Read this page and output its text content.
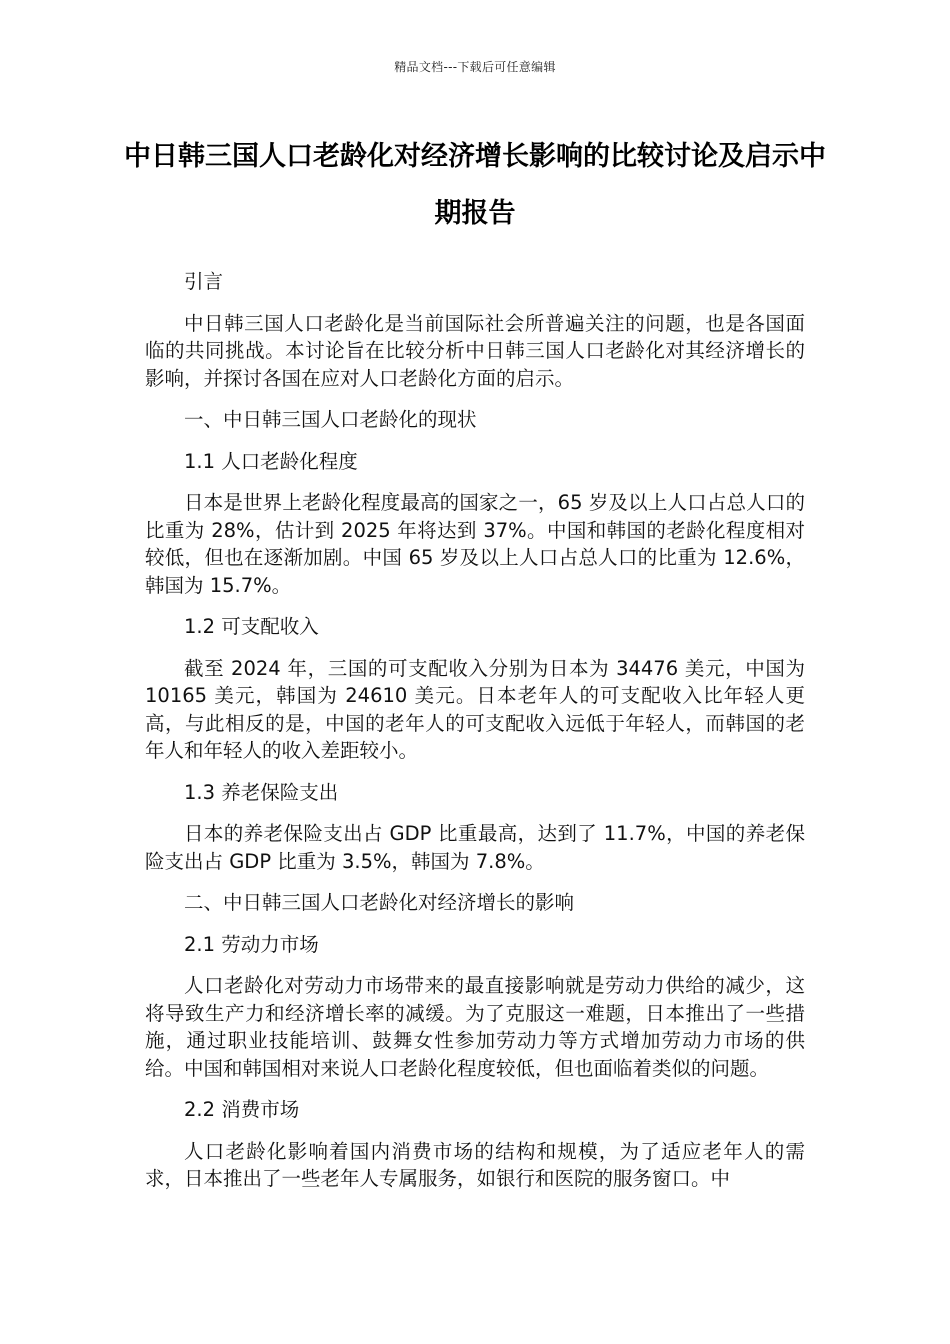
精品文档---下载后可任意编辑
中日韩三国人口老龄化对经济增长影响的比较讨论及启示中期报告

引言

中日韩三国人口老龄化是当前国际社会所普遍关注的问题，也是各国面临的共同挑战。本讨论旨在比较分析中日韩三国人口老龄化对其经济增长的影响，并探讨各国在应对人口老龄化方面的启示。

一、中日韩三国人口老龄化的现状

1.1 人口老龄化程度

日本是世界上老龄化程度最高的国家之一，65 岁及以上人口占总人口的比重为 28%，估计到 2025 年将达到 37%。中国和韩国的老龄化程度相对较低，但也在逐渐加剧。中国 65 岁及以上人口占总人口的比重为 12.6%，韩国为 15.7%。

1.2 可支配收入

截至 2024 年，三国的可支配收入分别为日本为 34476 美元，中国为 10165 美元，韩国为 24610 美元。日本老年人的可支配收入比年轻人更高，与此相反的是，中国的老年人的可支配收入远低于年轻人，而韩国的老年人和年轻人的收入差距较小。

1.3 养老保险支出

日本的养老保险支出占 GDP 比重最高，达到了 11.7%，中国的养老保险支出占 GDP 比重为 3.5%，韩国为 7.8%。

二、中日韩三国人口老龄化对经济增长的影响

2.1 劳动力市场

人口老龄化对劳动力市场带来的最直接影响就是劳动力供给的减少，这将导致生产力和经济增长率的减缓。为了克服这一难题，日本推出了一些措施，通过职业技能培训、鼓舞女性参加劳动力等方式增加劳动力市场的供给。中国和韩国相对来说人口老龄化程度较低，但也面临着类似的问题。

2.2 消费市场

人口老龄化影响着国内消费市场的结构和规模，为了适应老年人的需求，日本推出了一些老年人专属服务，如银行和医院的服务窗口。中
